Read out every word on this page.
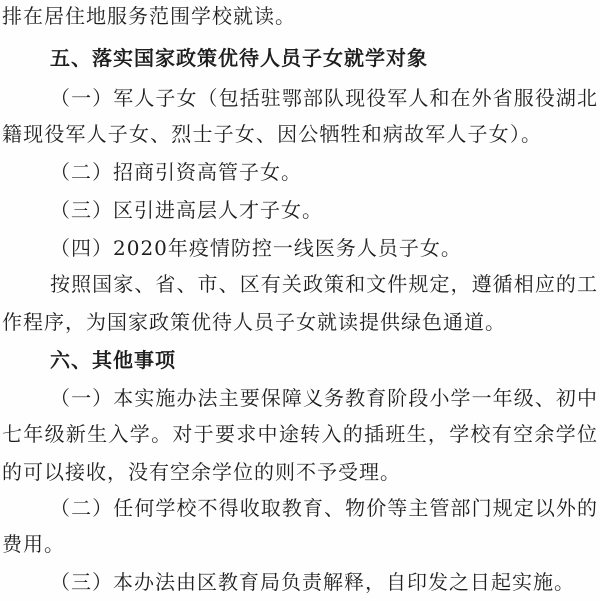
排在居住地服务范围学校就读。
五、落实国家政策优待人员子女就学对象
（一）军人子女（包括驻鄂部队现役军人和在外省服役湖北
籍现役军人子女、烈士子女、因公牺牲和病故军人子女）。
（二）招商引资高管子女。
（三）区引进高层人才子女。
（四）2020年疫情防控一线医务人员子女。
按照国家、省、市、区有关政策和文件规定，遵循相应的工
作程序，为国家政策优待人员子女就读提供绿色通道。
六、其他事项
（一）本实施办法主要保障义务教育阶段小学一年级、初中
七年级新生入学。对于要求中途转入的插班生，学校有空余学位
的可以接收，没有空余学位的则不予受理。
（二）任何学校不得收取教育、物价等主管部门规定以外的
费用。
（三）本办法由区教育局负责解释，自印发之日起实施。
